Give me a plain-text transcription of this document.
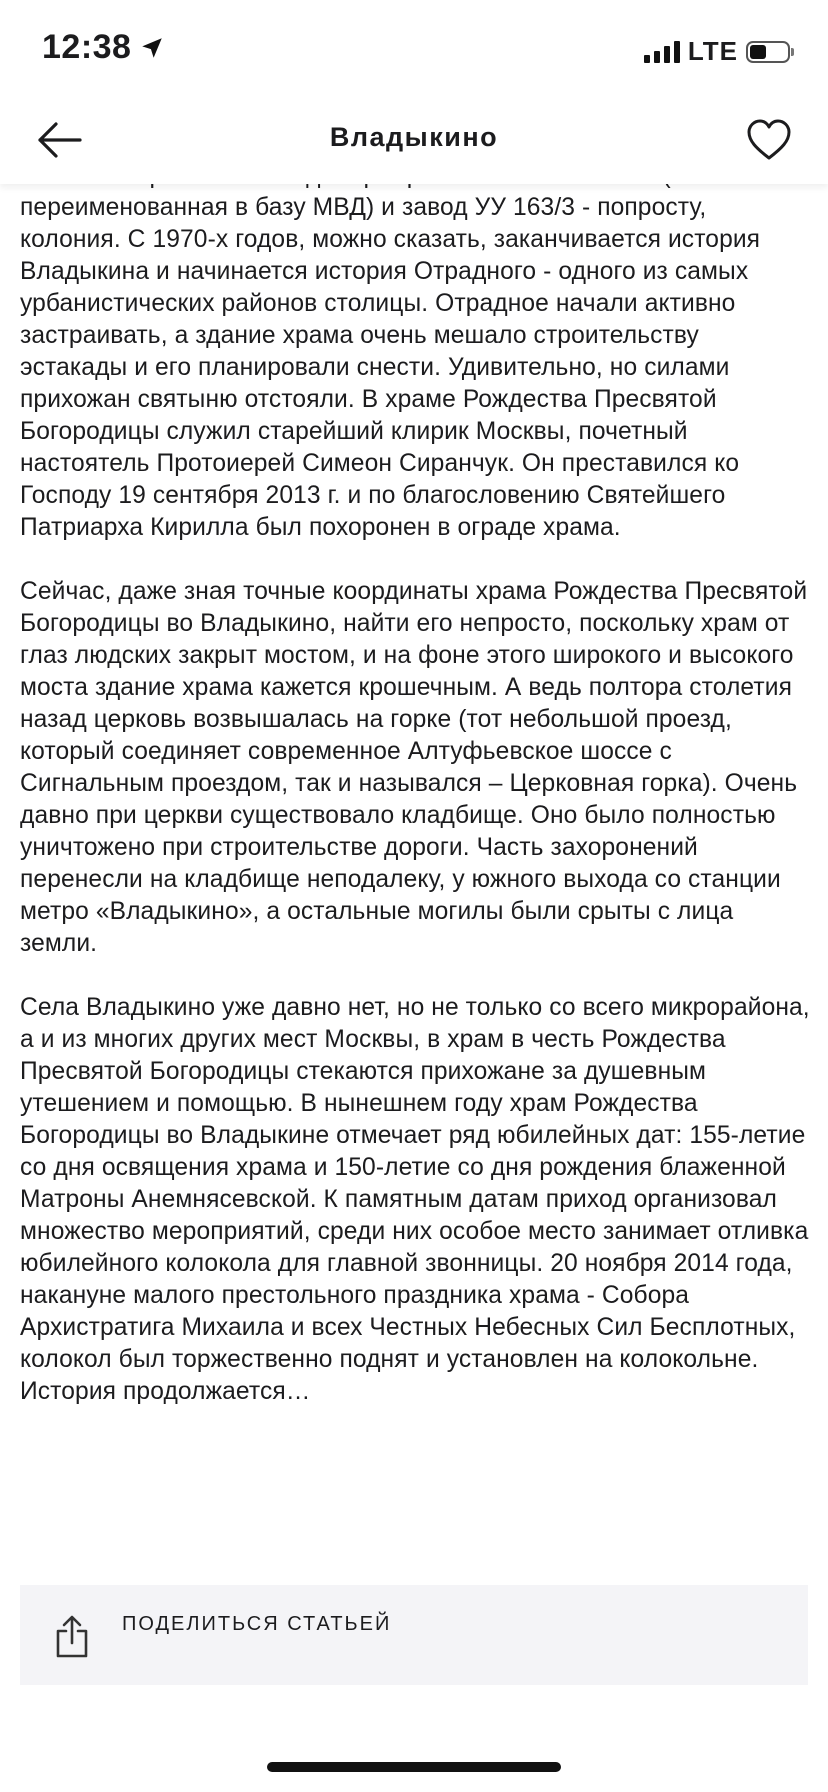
переименованная в базу МВД) и завод УУ 163/3 - попросту, колония. С 1970-х годов, можно сказать, заканчивается история Владыкина и начинается история Отрадного - одного из самых урбанистических районов столицы. Отрадное начали активно застраивать, а здание храма очень мешало строительству эстакады и его планировали снести. Удивительно, но силами прихожан святыню отстояли. В храме Рождества Пресвятой Богородицы служил старейший клирик Москвы, почетный настоятель Протоиерей Симеон Сиранчук. Он преставился ко Господу 19 сентября 2013 г. и по благословению Святейшего Патриарха Кирилла был похоронен в ограде храма.

Сейчас, даже зная точные координаты храма Рождества Пресвятой Богородицы во Владыкино, найти его непросто, поскольку храм от глаз людских закрыт мостом, и на фоне этого широкого и высокого моста здание храма кажется крошечным. А ведь полтора столетия назад церковь возвышалась на горке (тот небольшой проезд, который соединяет современное Алтуфьевское шоссе с Сигнальным проездом, так и назывался – Церковная горка). Очень давно при церкви существовало кладбище. Оно было полностью уничтожено при строительстве дороги. Часть захоронений перенесли на кладбище неподалеку, у южного выхода со станции метро «Владыкино», а остальные могилы были срыты с лица земли.

Села Владыкино уже давно нет, но не только со всего микрорайона, а и из многих других мест Москвы, в храм в честь Рождества Пресвятой Богородицы стекаются прихожане за душевным утешением и помощью. В нынешнем году храм Рождества Богородицы во Владыкине отмечает ряд юбилейных дат: 155-летие со дня освящения храма и 150-летие со дня рождения блаженной Матроны Анемнясевской. К памятным датам приход организовал множество мероприятий, среди них особое место занимает отливка юбилейного колокола для главной звонницы. 20 ноября 2014 года, накануне малого престольного праздника храма - Собора Архистратига Михаила и всех Честных Небесных Сил Бесплотных, колокол был торжественно поднят и установлен на колокольне. История продолжается…

12:38	LTE
Владыкино
ПОДЕЛИТЬСЯ СТАТЬЕЙ
